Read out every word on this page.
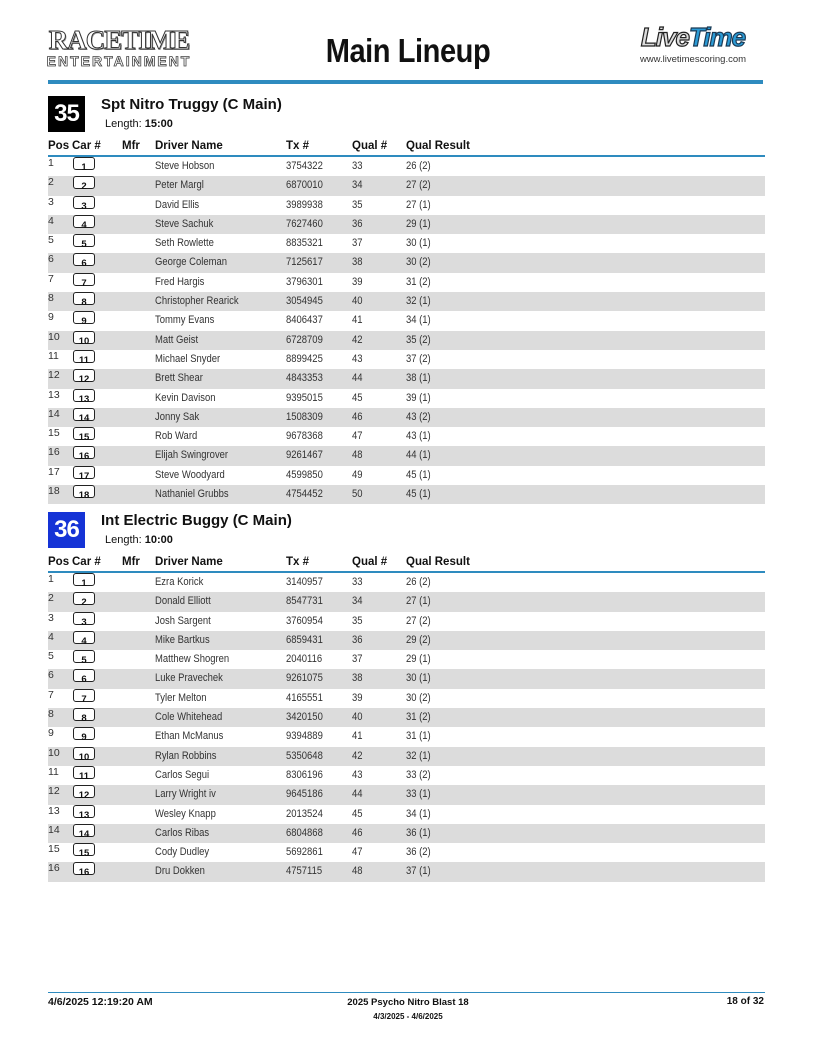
RACETIME
ENTERTAINMENT	Main Lineup	LiveTime
www.livetimescoring.com
35	Spt Nitro Truggy (C Main)
Length: 15:00
Pos Car # Mfr Driver Name	Tx #	Qual # Qual Result
1	1	Steve Hobson	3754322	33	26 (2)
2	2	Peter Margl	6870010	34	27 (2)
3	3	David Ellis	3989938	35	27 (1)
4	4	Steve Sachuk	7627460	36	29 (1)
5	5	Seth Rowlette	8835321	37	30 (1)
6	6	George Coleman	7125617	38	30 (2)
7	7	Fred Hargis	3796301	39	31 (2)
8	8	Christopher Rearick	3054945	40	32 (1)
9	9	Tommy Evans	8406437	41	34 (1)
10	10	Matt Geist	6728709	42	35 (2)
11	11	Michael Snyder	8899425	43	37 (2)
12	12	Brett Shear	4843353	44	38 (1)
13	13	Kevin Davison	9395015	45	39 (1)
14	14	Jonny Sak	1508309	46	43 (2)
15	15	Rob Ward	9678368	47	43 (1)
16	16	Elijah Swingrover	9261467	48	44 (1)
17	17	Steve Woodyard	4599850	49	45 (1)
18	18	Nathaniel Grubbs	4754452	50	45 (1)
36	Int Electric Buggy (C Main)
Length: 10:00
Pos Car # Mfr Driver Name	Tx #	Qual # Qual Result
1	1	Ezra Korick	3140957	33	26 (2)
2	2	Donald Elliott	8547731	34	27 (1)
3	3	Josh Sargent	3760954	35	27 (2)
4	4	Mike Bartkus	6859431	36	29 (2)
5	5	Matthew Shogren	2040116	37	29 (1)
6	6	Luke Pravechek	9261075	38	30 (1)
7	7	Tyler Melton	4165551	39	30 (2)
8	8	Cole Whitehead	3420150	40	31 (2)
9	9	Ethan McManus	9394889	41	31 (1)
10	10	Rylan Robbins	5350648	42	32 (1)
11	11	Carlos Segui	8306196	43	33 (2)
12	12	Larry Wright iv	9645186	44	33 (1)
13	13	Wesley Knapp	2013524	45	34 (1)
14	14	Carlos Ribas	6804868	46	36 (1)
15	15	Cody Dudley	5692861	47	36 (2)
16	16	Dru Dokken	4757115	48	37 (1)
4/6/2025 12:19:20 AM	2025 Psycho Nitro Blast 18
4/3/2025 - 4/6/2025
18 of 32
